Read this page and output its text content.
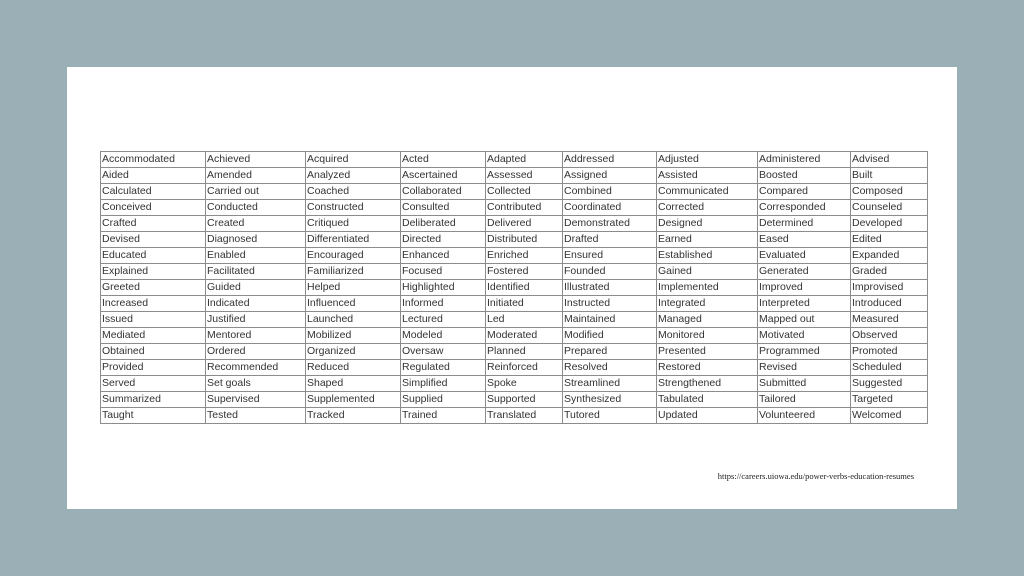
Accommodated	Achieved	Acquired	Acted	Adapted	Addressed	Adjusted	Administered	Advised
Aided	Amended	Analyzed	Ascertained	Assessed	Assigned	Assisted	Boosted	Built
Calculated	Carried out	Coached	Collaborated	Collected	Combined	Communicated	Compared	Composed
Conceived	Conducted	Constructed	Consulted	Contributed	Coordinated	Corrected	Corresponded	Counseled
Crafted	Created	Critiqued	Deliberated	Delivered	Demonstrated	Designed	Determined	Developed
Devised	Diagnosed	Differentiated	Directed	Distributed	Drafted	Earned	Eased	Edited
Educated	Enabled	Encouraged	Enhanced	Enriched	Ensured	Established	Evaluated	Expanded
Explained	Facilitated	Familiarized	Focused	Fostered	Founded	Gained	Generated	Graded
Greeted	Guided	Helped	Highlighted	Identified	Illustrated	Implemented	Improved	Improvised
Increased	Indicated	Influenced	Informed	Initiated	Instructed	Integrated	Interpreted	Introduced
Issued	Justified	Launched	Lectured	Led	Maintained	Managed	Mapped out	Measured
Mediated	Mentored	Mobilized	Modeled	Moderated	Modified	Monitored	Motivated	Observed
Obtained	Ordered	Organized	Oversaw	Planned	Prepared	Presented	Programmed	Promoted
Provided	Recommended	Reduced	Regulated	Reinforced	Resolved	Restored	Revised	Scheduled
Served	Set goals	Shaped	Simplified	Spoke	Streamlined	Strengthened	Submitted	Suggested
Summarized	Supervised	Supplemented	Supplied	Supported	Synthesized	Tabulated	Tailored	Targeted
Taught	Tested	Tracked	Trained	Translated	Tutored	Updated	Volunteered	Welcomed
https://careers.uiowa.edu/power-verbs-education-resumes
